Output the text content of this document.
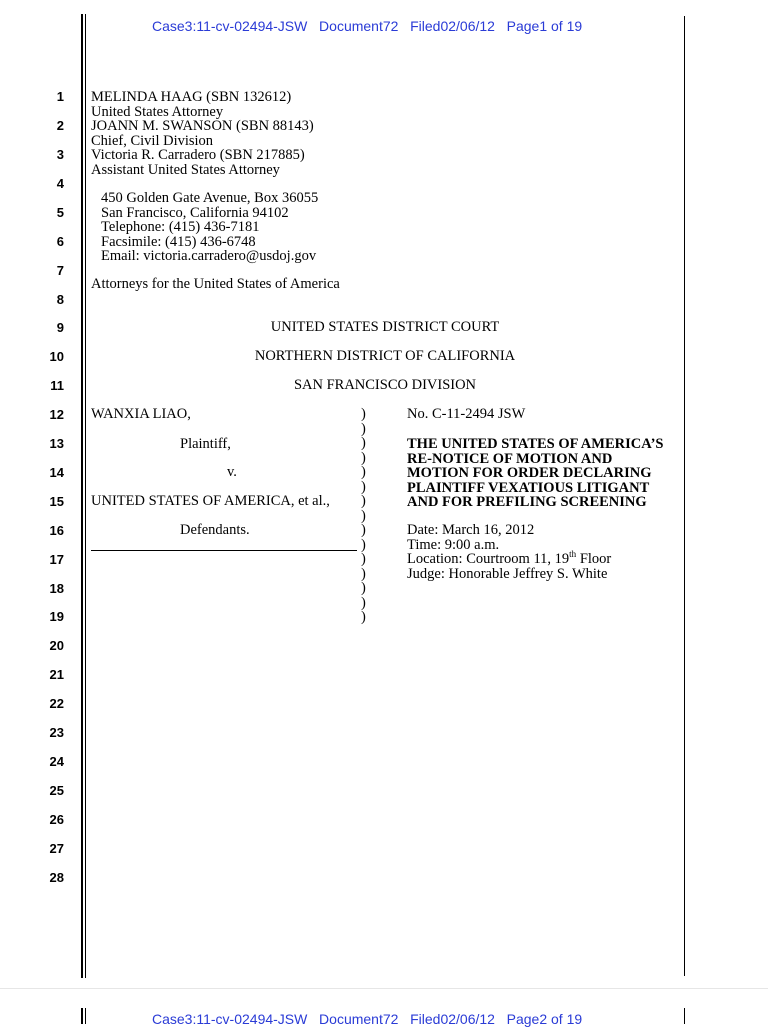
Case3:11-cv-02494-JSW Document72 Filed02/06/12 Page1 of 19
1
2
3
4
5
6
7
8
9
10
11
12
13
14
15
16
17
18
19
20
21
22
23
24
25
26
27
28
MELINDA HAAG (SBN 132612)
United States Attorney
JOANN M. SWANSON (SBN 88143)
Chief, Civil Division
Victoria R. Carradero (SBN 217885)
Assistant United States Attorney
450 Golden Gate Avenue, Box 36055
San Francisco, California 94102
Telephone: (415) 436-7181
Facsimile: (415) 436-6748
Email: victoria.carradero@usdoj.gov
Attorneys for the United States of America
UNITED STATES DISTRICT COURT
NORTHERN DISTRICT OF CALIFORNIA
SAN FRANCISCO DIVISION
WANXIA LIAO,
Plaintiff,
v.
UNITED STATES OF AMERICA, et al.,
Defendants.
)
)
)
)
)
)
)
)
)
)
)
)
)
)
)
No. C-11-2494 JSW
THE UNITED STATES OF AMERICA’S
RE-NOTICE OF MOTION AND
MOTION FOR ORDER DECLARING
PLAINTIFF VEXATIOUS LITIGANT
AND FOR PREFILING SCREENING
Date: March 16, 2012
Time: 9:00 a.m.
Location: Courtroom 11, 19th Floor
Judge: Honorable Jeffrey S. White
Case3:11-cv-02494-JSW Document72 Filed02/06/12 Page2 of 19
